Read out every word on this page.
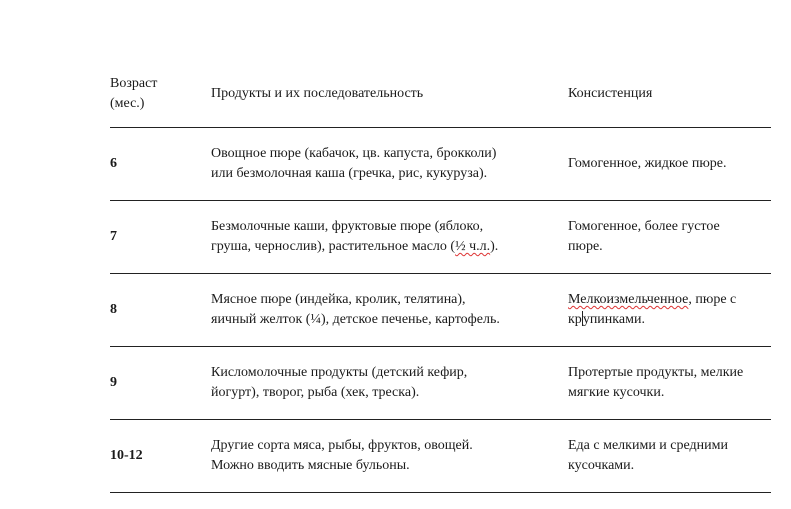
Возраст
(мес.)
Продукты и их последовательность	Консистенция
6
Овощное пюре (кабачок, цв. капуста, брокколи)
или безмолочная каша (гречка, рис, кукуруза).
Гомогенное, жидкое пюре.
7
Безмолочные каши, фруктовые пюре (яблоко,
груша, чернослив), растительное масло (½ ч.л.).
Гомогенное, более густое
пюре.
8
Мясное пюре (индейка, кролик, телятина),
яичный желток (¼), детское печенье, картофель.
Мелкоизмельченное, пюре с
крупинками.
9
Кисломолочные продукты (детский кефир,
йогурт), творог, рыба (хек, треска).
Протертые продукты, мелкие
мягкие кусочки.
10-12
Другие сорта мяса, рыбы, фруктов, овощей.
Можно вводить мясные бульоны.
Еда с мелкими и средними
кусочками.
